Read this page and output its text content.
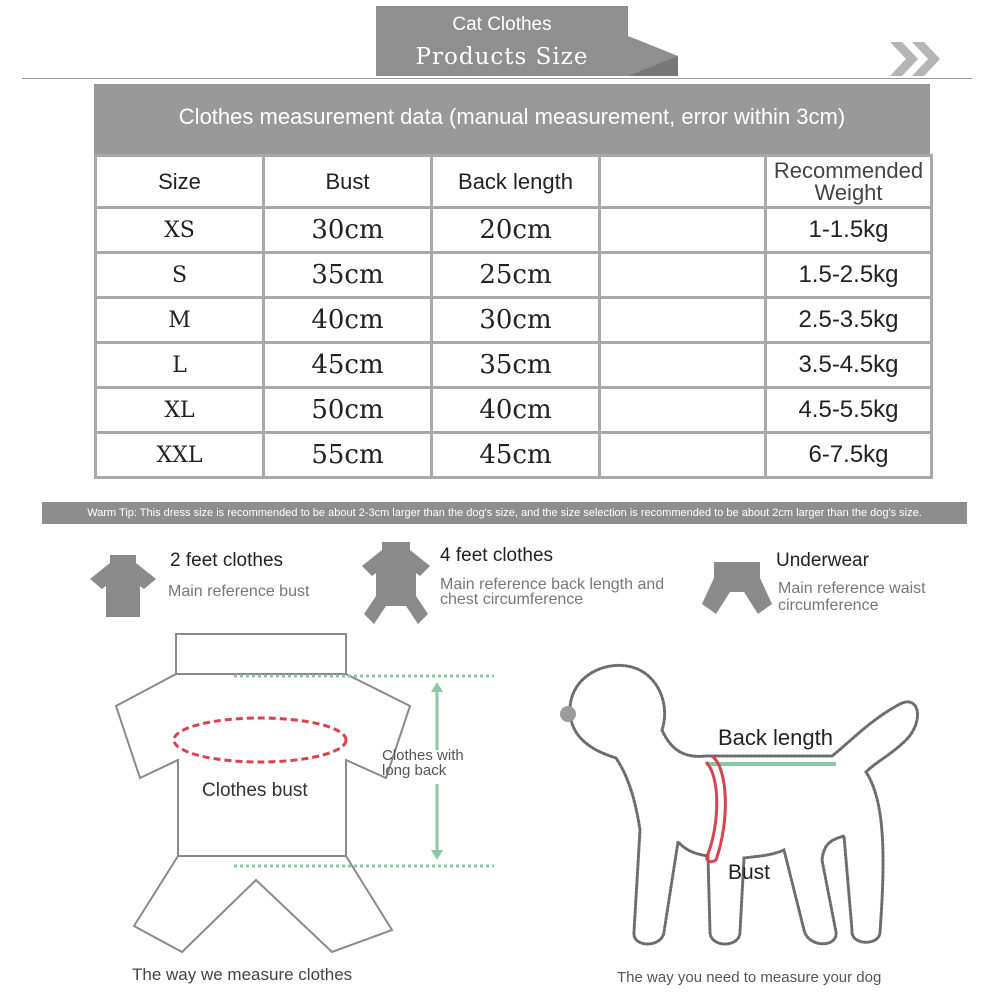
Cat Clothes
Products Size
Clothes measurement data (manual measurement, error within 3cm)
Size	Bust	Back length		Recommended Weight
XS	30cm	20cm		1-1.5kg
S	35cm	25cm		1.5-2.5kg
M	40cm	30cm		2.5-3.5kg
L	45cm	35cm		3.5-4.5kg
XL	50cm	40cm		4.5-5.5kg
XXL	55cm	45cm		6-7.5kg
Warm Tip: This dress size is recommended to be about 2-3cm larger than the dog's size, and the size selection is recommended to be about 2cm larger than the dog's size.
2 feet clothes
Main reference bust
4 feet clothes
Main reference back length and
chest circumference
Underwear
Main reference waist
circumference
Clothes bust
Clothes with
long back
The way we measure clothes
Back length
Bust
The way you need to measure your dog
